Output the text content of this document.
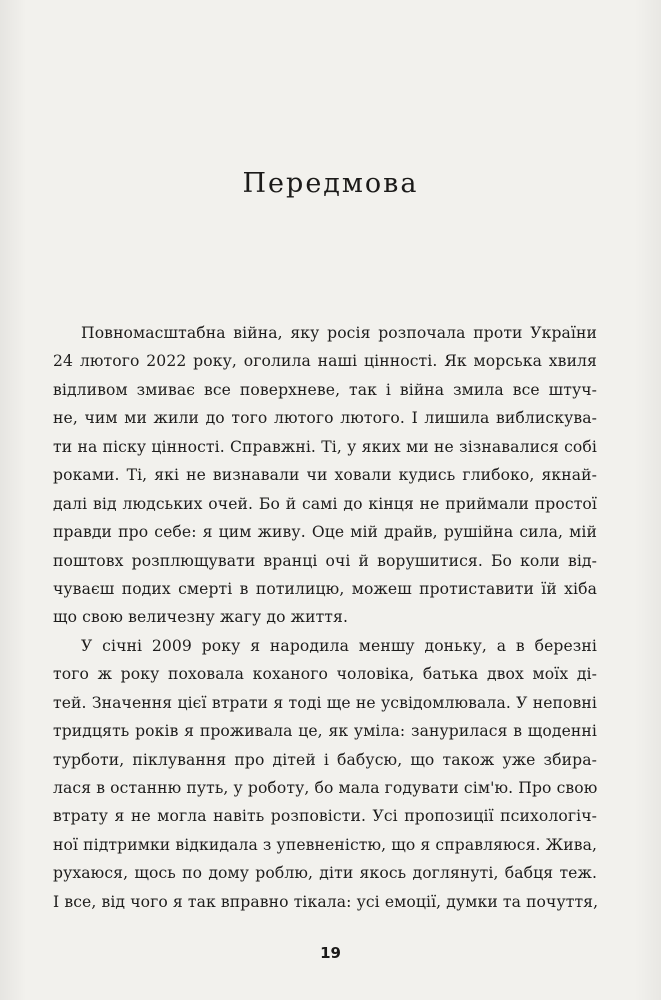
Передмова
Повномасштабна війна, яку росія розпочала проти України
24 лютого 2022 року, оголила наші цінності. Як морська хвиля
відливом змиває все поверхневе, так і війна змила все штуч-
не, чим ми жили до того лютого лютого. І лишила виблискува-
ти на піску цінності. Справжні. Ті, у яких ми не зізнавалися собі
роками. Ті, які не визнавали чи ховали кудись глибоко, якнай-
далі від людських очей. Бо й самі до кінця не приймали простої
правди про себе: я цим живу. Оце мій драйв, рушійна сила, мій
поштовх розплющувати вранці очі й ворушитися. Бо коли від-
чуваєш подих смерті в потилицю, можеш протиставити їй хіба
що свою величезну жагу до життя.
У січні 2009 року я народила меншу доньку, а в березні
того ж року поховала коханого чоловіка, батька двох моїх ді-
тей. Значення цієї втрати я тоді ще не усвідомлювала. У неповні
тридцять років я проживала це, як уміла: занурилася в щоденні
турботи, піклування про дітей і бабусю, що також уже збира-
лася в останню путь, у роботу, бо мала годувати сім'ю. Про свою
втрату я не могла навіть розповісти. Усі пропозиції психологіч-
ної підтримки відкидала з упевненістю, що я справляюся. Жива,
рухаюся, щось по дому роблю, діти якось доглянуті, бабця теж.
І все, від чого я так вправно тікала: усі емоції, думки та почуття,
19
